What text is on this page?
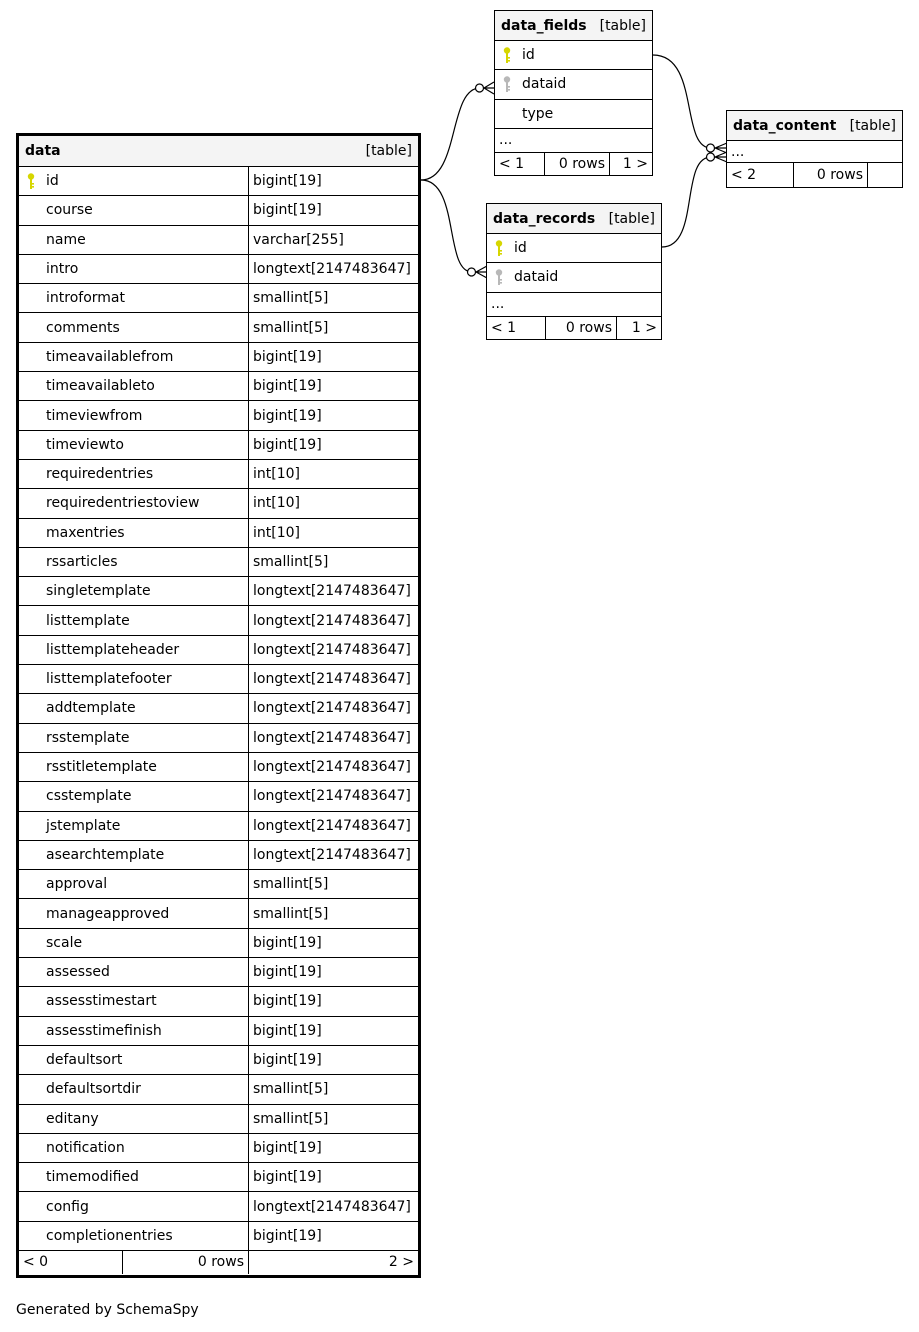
data	[table]
id	bigint[19]
course	bigint[19]
name	varchar[255]
intro	longtext[2147483647]
introformat	smallint[5]
comments	smallint[5]
timeavailablefrom	bigint[19]
timeavailableto	bigint[19]
timeviewfrom	bigint[19]
timeviewto	bigint[19]
requiredentries	int[10]
requiredentriestoview	int[10]
maxentries	int[10]
rssarticles	smallint[5]
singletemplate	longtext[2147483647]
listtemplate	longtext[2147483647]
listtemplateheader	longtext[2147483647]
listtemplatefooter	longtext[2147483647]
addtemplate	longtext[2147483647]
rsstemplate	longtext[2147483647]
rsstitletemplate	longtext[2147483647]
csstemplate	longtext[2147483647]
jstemplate	longtext[2147483647]
asearchtemplate	longtext[2147483647]
approval	smallint[5]
manageapproved	smallint[5]
scale	bigint[19]
assessed	bigint[19]
assesstimestart	bigint[19]
assesstimefinish	bigint[19]
defaultsort	bigint[19]
defaultsortdir	smallint[5]
editany	smallint[5]
notification	bigint[19]
timemodified	bigint[19]
config	longtext[2147483647]
completionentries	bigint[19]
< 0	0 rows	2 >
data_fields [table]
id
dataid
type
...
< 1	0 rows	1 >
data_records [table]
id
dataid
...
< 1	0 rows	1 >
data_content [table]
...
< 2	0 rows
Generated by SchemaSpy
